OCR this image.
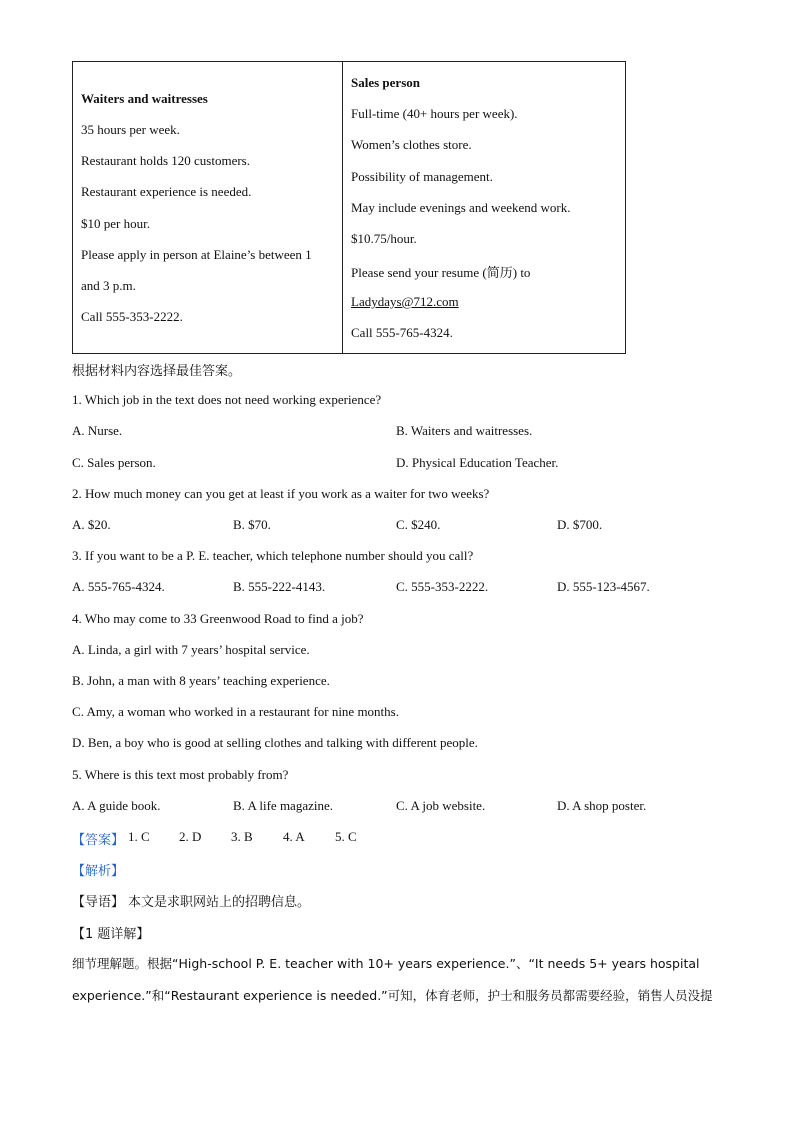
Waiters and waitresses
35 hours per week.
Restaurant holds 120 customers.
Restaurant experience is needed.
$10 per hour.
Please apply in person at Elaine’s between 1
and 3 p.m.
Call 555-353-2222.

Sales person
Full-time (40+ hours per week).
Women’s clothes store.
Possibility of management.
May include evenings and weekend work.
$10.75/hour.
Please send your resume (简历) to
Ladydays@712.com
Call 555-765-4324.
根据材料内容选择最佳答案。
1. Which job in the text does not need working experience?
A. Nurse.	B. Waiters and waitresses.
C. Sales person.	D. Physical Education Teacher.
2. How much money can you get at least if you work as a waiter for two weeks?
A. $20.	B. $70.	C. $240.	D. $700.
3. If you want to be a P. E. teacher, which telephone number should you call?
A. 555-765-4324.	B. 555-222-4143.	C. 555-353-2222.	D. 555-123-4567.
4. Who may come to 33 Greenwood Road to find a job?
A. Linda, a girl with 7 years’ hospital service.
B. John, a man with 8 years’ teaching experience.
C. Amy, a woman who worked in a restaurant for nine months.
D. Ben, a boy who is good at selling clothes and talking with different people.
5. Where is this text most probably from?
A. A guide book.	B. A life magazine.	C. A job website.	D. A shop poster.
【答案】 1. C 2. D 3. B 4. A 5. C
【解析】
【导语】 本文是求职网站上的招聘信息。
【1 题详解】
细节理解题。根据“High-school P. E. teacher with 10+ years experience.”、“It needs 5+ years hospital
experience.”和“Restaurant experience is needed.”可知，体育老师，护士和服务员都需要经验，销售人员没提
